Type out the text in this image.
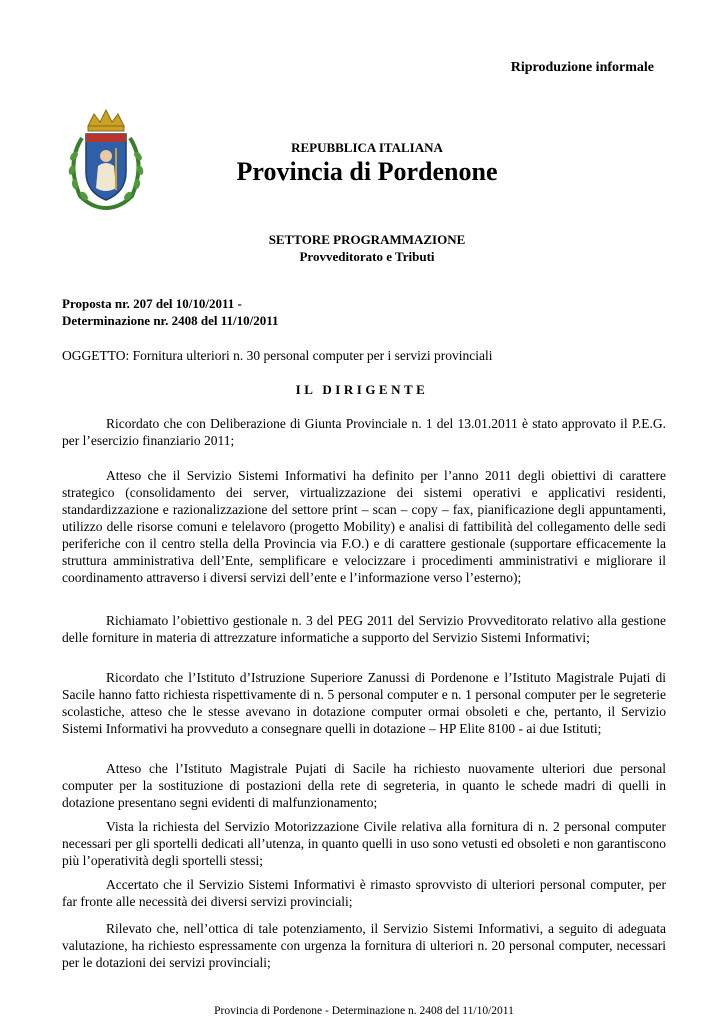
Riproduzione informale
REPUBBLICA ITALIANA
Provincia di Pordenone
SETTORE PROGRAMMAZIONE
Provveditorato e Tributi
Proposta nr. 207 del 10/10/2011 -
Determinazione nr. 2408 del 11/10/2011
OGGETTO: Fornitura ulteriori n. 30 personal computer per i servizi provinciali
IL DIRIGENTE

Ricordato che con Deliberazione di Giunta Provinciale n. 1 del 13.01.2011 è stato approvato il P.E.G. per l’esercizio finanziario 2011;

Atteso che il Servizio Sistemi Informativi ha definito per l’anno 2011 degli obiettivi di carattere strategico (consolidamento dei server, virtualizzazione dei sistemi operativi e applicativi residenti, standardizzazione e razionalizzazione del settore print – scan – copy – fax, pianificazione degli appuntamenti, utilizzo delle risorse comuni e telelavoro (progetto Mobility) e analisi di fattibilità del collegamento delle sedi periferiche con il centro stella della Provincia via F.O.) e di carattere gestionale (supportare efficacemente la struttura amministrativa dell’Ente, semplificare e velocizzare i procedimenti amministrativi e migliorare il coordinamento attraverso i diversi servizi dell’ente e l’informazione verso l’esterno);

Richiamato l’obiettivo gestionale n. 3 del PEG 2011 del Servizio Provveditorato relativo alla gestione delle forniture in materia di attrezzature informatiche a supporto del Servizio Sistemi Informativi;

Ricordato che l’Istituto d’Istruzione Superiore Zanussi di Pordenone e l’Istituto Magistrale Pujati di Sacile hanno fatto richiesta rispettivamente di n. 5 personal computer e n. 1 personal computer per le segreterie scolastiche, atteso che le stesse avevano in dotazione computer ormai obsoleti e che, pertanto, il Servizio Sistemi Informativi ha provveduto a consegnare quelli in dotazione – HP Elite 8100 - ai due Istituti;

Atteso che l’Istituto Magistrale Pujati di Sacile ha richiesto nuovamente ulteriori due personal computer per la sostituzione di postazioni della rete di segreteria, in quanto le schede madri di quelli in dotazione presentano segni evidenti di malfunzionamento;

Vista la richiesta del Servizio Motorizzazione Civile relativa alla fornitura di n. 2 personal computer necessari per gli sportelli dedicati all’utenza, in quanto quelli in uso sono vetusti ed obsoleti e non garantiscono più l’operatività degli sportelli stessi;

Accertato che il Servizio Sistemi Informativi è rimasto sprovvisto di ulteriori personal computer, per far fronte alle necessità dei diversi servizi provinciali;

Rilevato che, nell’ottica di tale potenziamento, il Servizio Sistemi Informativi, a seguito di adeguata valutazione, ha richiesto espressamente con urgenza la fornitura di ulteriori n. 20 personal computer, necessari per le dotazioni dei servizi provinciali;

Provincia di Pordenone - Determinazione n. 2408 del 11/10/2011
